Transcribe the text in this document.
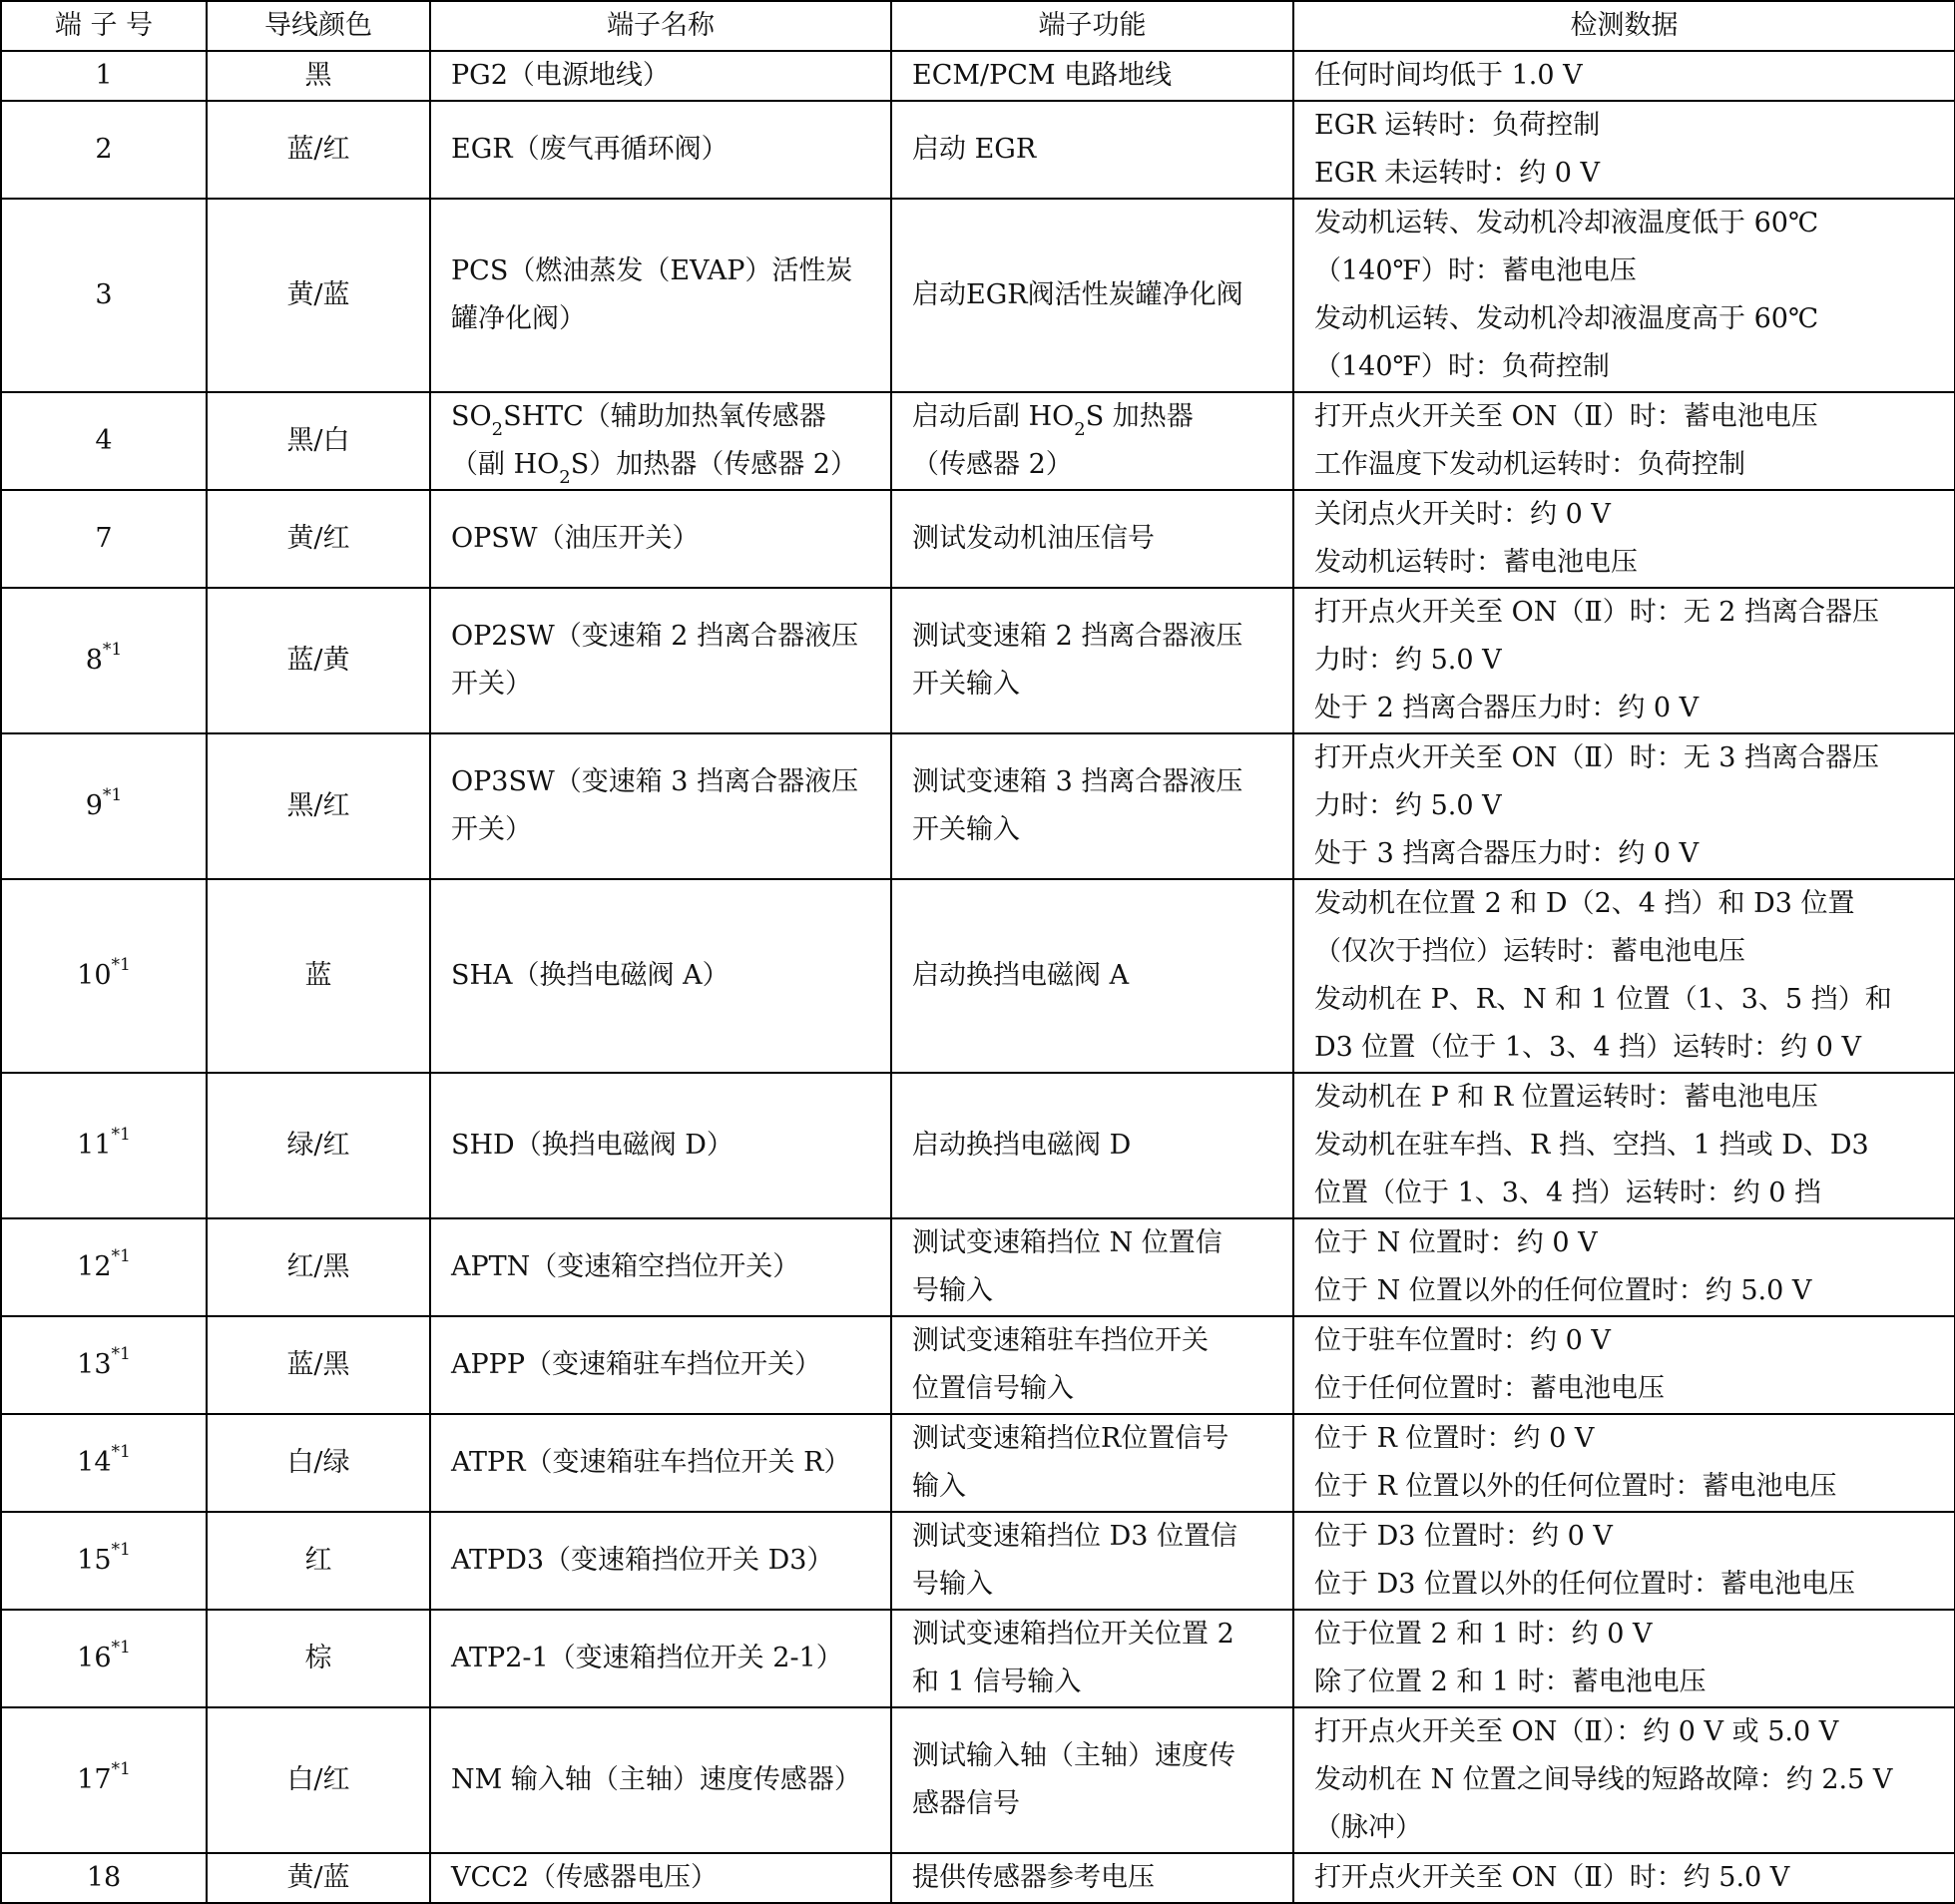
端 子 号	导线颜色	端子名称	端子功能	检测数据
1	黑	PG2（电源地线）	ECM/PCM 电路地线	任何时间均低于 1.0 V

2	蓝/红	EGR（废气再循环阀）	启动 EGR	EGR 运转时：负荷控制
EGR 未运转时：约 0 V

3	黄/蓝	PCS（燃油蒸发（EVAP）活性炭
罐净化阀）	启动EGR阀活性炭罐净化阀	发动机运转、发动机冷却液温度低于 60℃
（140℉）时：蓄电池电压
发动机运转、发动机冷却液温度高于 60℃
（140℉）时：负荷控制

4	黑/白	$SO_2SHTC$（辅助加热氧传感器
（副 $HO_2S$）加热器（传感器 2）	启动后副 $HO_2S$ 加热器
（传感器 2）	打开点火开关至 ON（Ⅱ）时：蓄电池电压
工作温度下发动机运转时：负荷控制

7	黄/红	OPSW（油压开关）	测试发动机油压信号	关闭点火开关时：约 0 V
发动机运转时：蓄电池电压

8$^{*1}$	蓝/黄	OP2SW（变速箱 2 挡离合器液压
开关）	测试变速箱 2 挡离合器液压
开关输入	打开点火开关至 ON（Ⅱ）时：无 2 挡离合器压
力时：约 5.0 V
处于 2 挡离合器压力时：约 0 V

9$^{*1}$	黑/红	OP3SW（变速箱 3 挡离合器液压
开关）	测试变速箱 3 挡离合器液压
开关输入	打开点火开关至 ON（Ⅱ）时：无 3 挡离合器压
力时：约 5.0 V
处于 3 挡离合器压力时：约 0 V

10$^{*1}$	蓝	SHA（换挡电磁阀 A）	启动换挡电磁阀 A	发动机在位置 2 和 D（2、4 挡）和 D3 位置
（仅次于挡位）运转时：蓄电池电压
发动机在 P、R、N 和 1 位置（1、3、5 挡）和
D3 位置（位于 1、3、4 挡）运转时：约 0 V

11$^{*1}$	绿/红	SHD（换挡电磁阀 D）	启动换挡电磁阀 D	发动机在 P 和 R 位置运转时：蓄电池电压
发动机在驻车挡、R 挡、空挡、1 挡或 D、D3
位置（位于 1、3、4 挡）运转时：约 0 挡

12$^{*1}$	红/黑	APTN（变速箱空挡位开关）	测试变速箱挡位 N 位置信
号输入	位于 N 位置时：约 0 V
位于 N 位置以外的任何位置时：约 5.0 V

13$^{*1}$	蓝/黑	APPP（变速箱驻车挡位开关）	测试变速箱驻车挡位开关
位置信号输入	位于驻车位置时：约 0 V
位于任何位置时：蓄电池电压

14$^{*1}$	白/绿	ATPR（变速箱驻车挡位开关 R）	测试变速箱挡位R位置信号
输入	位于 R 位置时：约 0 V
位于 R 位置以外的任何位置时：蓄电池电压

15$^{*1}$	红	ATPD3（变速箱挡位开关 D3）	测试变速箱挡位 D3 位置信
号输入	位于 D3 位置时：约 0 V
位于 D3 位置以外的任何位置时：蓄电池电压

16$^{*1}$	棕	ATP2-1（变速箱挡位开关 2-1）	测试变速箱挡位开关位置 2
和 1 信号输入	位于位置 2 和 1 时：约 0 V
除了位置 2 和 1 时：蓄电池电压

17$^{*1}$	白/红	NM 输入轴（主轴）速度传感器）	测试输入轴（主轴）速度传
感器信号	打开点火开关至 ON（Ⅱ）：约 0 V 或 5.0 V
发动机在 N 位置之间导线的短路故障：约 2.5 V
（脉冲）

18	黄/蓝	VCC2（传感器电压）	提供传感器参考电压	打开点火开关至 ON（Ⅱ）时：约 5.0 V
